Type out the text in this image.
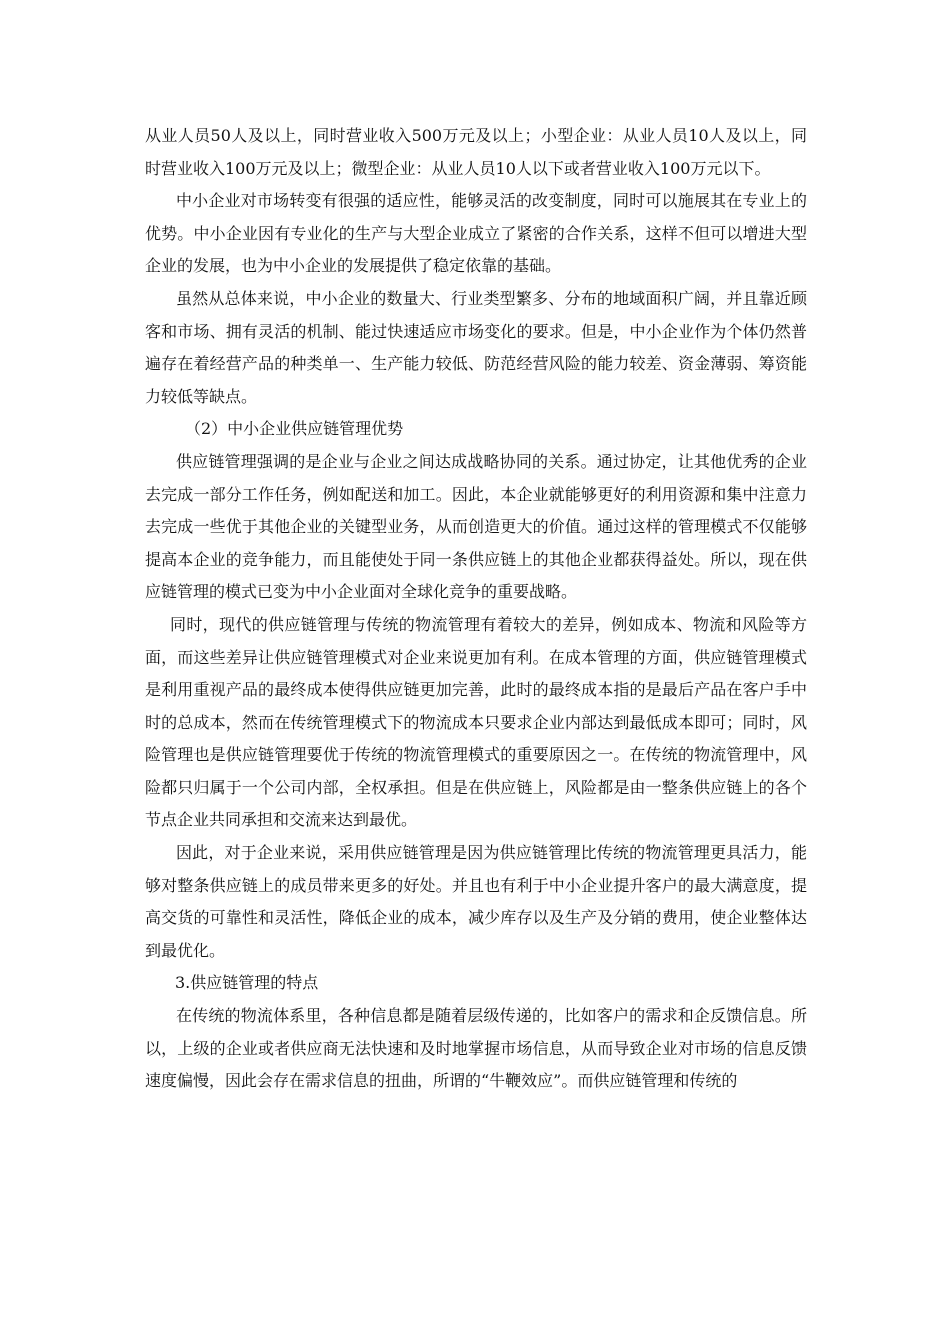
从业人员50人及以上，同时营业收入500万元及以上；小型企业：从业人员10人及以上，同时营业收入100万元及以上；微型企业：从业人员10人以下或者营业收入100万元以下。

中小企业对市场转变有很强的适应性，能够灵活的改变制度，同时可以施展其在专业上的优势。中小企业因有专业化的生产与大型企业成立了紧密的合作关系，这样不但可以增进大型企业的发展，也为中小企业的发展提供了稳定依靠的基础。

虽然从总体来说，中小企业的数量大、行业类型繁多、分布的地域面积广阔，并且靠近顾客和市场、拥有灵活的机制、能过快速适应市场变化的要求。但是，中小企业作为个体仍然普遍存在着经营产品的种类单一、生产能力较低、防范经营风险的能力较差、资金薄弱、筹资能力较低等缺点。

（2）中小企业供应链管理优势

供应链管理强调的是企业与企业之间达成战略协同的关系。通过协定，让其他优秀的企业去完成一部分工作任务，例如配送和加工。因此，本企业就能够更好的利用资源和集中注意力去完成一些优于其他企业的关键型业务，从而创造更大的价值。通过这样的管理模式不仅能够提高本企业的竞争能力，而且能使处于同一条供应链上的其他企业都获得益处。所以，现在供应链管理的模式已变为中小企业面对全球化竞争的重要战略。

同时，现代的供应链管理与传统的物流管理有着较大的差异，例如成本、物流和风险等方面，而这些差异让供应链管理模式对企业来说更加有利。在成本管理的方面，供应链管理模式是利用重视产品的最终成本使得供应链更加完善，此时的最终成本指的是最后产品在客户手中时的总成本，然而在传统管理模式下的物流成本只要求企业内部达到最低成本即可；同时，风险管理也是供应链管理要优于传统的物流管理模式的重要原因之一。在传统的物流管理中，风险都只归属于一个公司内部，全权承担。但是在供应链上，风险都是由一整条供应链上的各个节点企业共同承担和交流来达到最优。

因此，对于企业来说，采用供应链管理是因为供应链管理比传统的物流管理更具活力，能够对整条供应链上的成员带来更多的好处。并且也有利于中小企业提升客户的最大满意度，提高交货的可靠性和灵活性，降低企业的成本，减少库存以及生产及分销的费用，使企业整体达到最优化。

3.供应链管理的特点

在传统的物流体系里，各种信息都是随着层级传递的，比如客户的需求和企反馈信息。所以，上级的企业或者供应商无法快速和及时地掌握市场信息，从而导致企业对市场的信息反馈速度偏慢，因此会存在需求信息的扭曲，所谓的“牛鞭效应”。而供应链管理和传统的
